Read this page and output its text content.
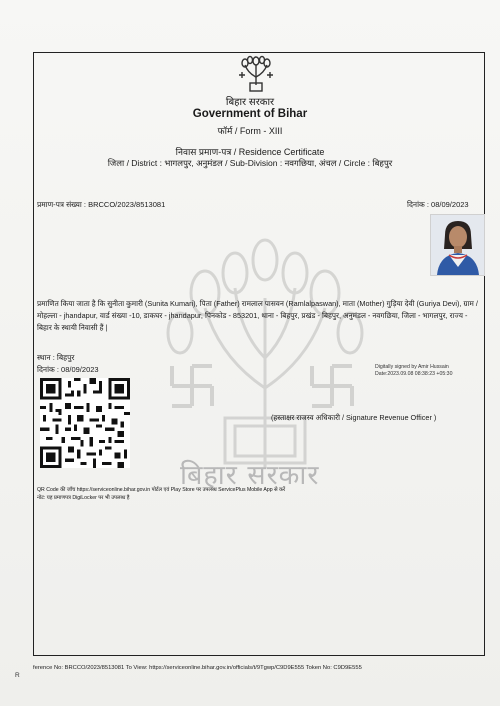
बिहार सरकार
बिहार सरकार
Government of Bihar
फॉर्म / Form - XIII
निवास प्रमाण-पत्र / Residence Certificate
जिला / District : भागलपुर, अनुमंडल / Sub-Division : नवगछिया, अंचल / Circle : बिहपुर
प्रमाण-पत्र संख्या : BRCCO/2023/8513081	दिनांक : 08/09/2023
प्रमाणित किया जाता है कि सुनीता कुमारी (Sunita Kumari), पिता (Father) रामलाल पासवन (Ramlalpaswan), माता (Mother) गुड़िया देवी (Guriya Devi), ग्राम / मोहल्ला - jhandapur, वार्ड संख्या -10, डाकघर - jhandapur, पिनकोड - 853201, थाना - बिहपुर, प्रखंड - बिहपुर, अनुमंडल - नवगछिया, जिला - भागलपुर, राज्य - बिहार के स्थायी निवासी हैं |
स्थान : बिहपुर
दिनांक : 08/09/2023	Digitally signed by Amir Hussain
Date:2023.09.08 08:38:23 +05:30
(हस्ताक्षर राजस्व अधिकारी / Signature Revenue Officer )
QR Code की जाँच https://serviceonline.bihar.gov.in पोर्टल एवं Play Store पर उपलब्ध ServicePlus Mobile App से करें
नोट: यह प्रमाणपत्र DigiLocker पर भी उपलब्ध है
ference No: BRCCO/2023/8513081 To View: https://serviceonline.bihar.gov.in/officials/t/9Tgwp/C9D9E555 Token No: C9D9E555
R
